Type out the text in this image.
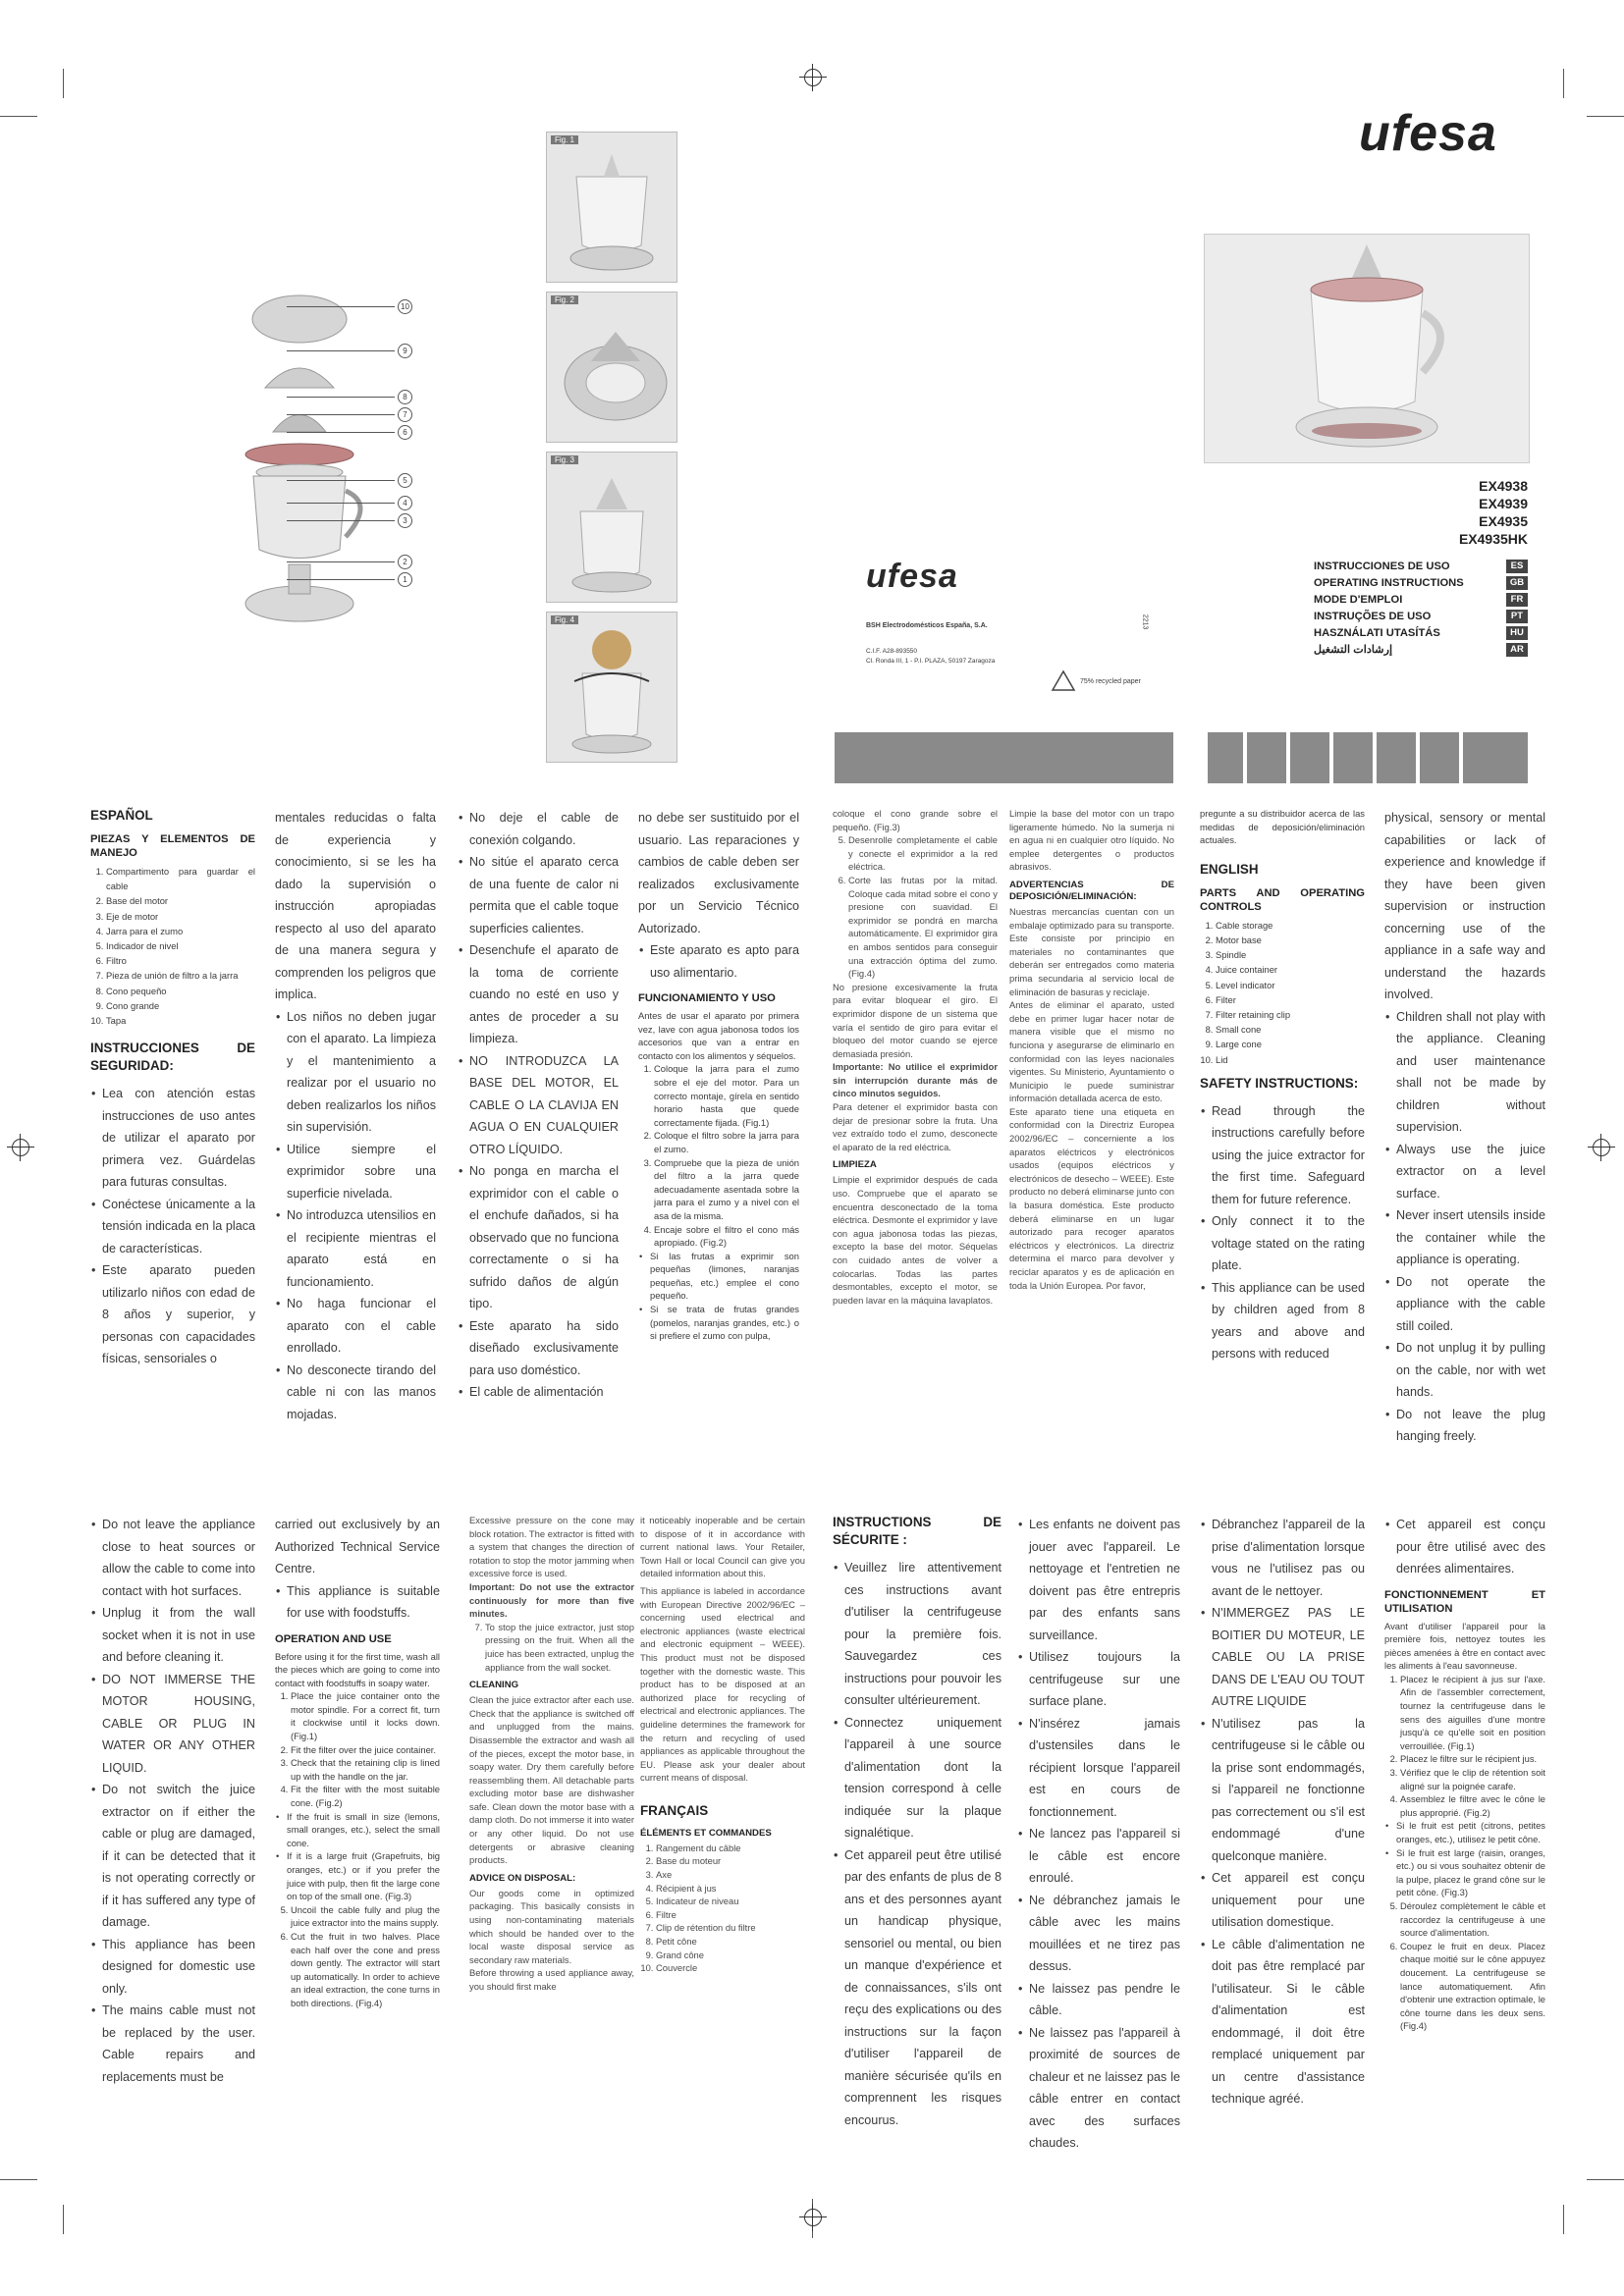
10
9
8
7
6
5
4
3
2
1
Fig. 1
Fig. 2
Fig. 3
Fig. 4
ufesa
BSH Electrodomésticos España, S.A.
C.I.F. A28-893550
Cl. Ronda III, 1 - P.I. PLAZA, 50197 Zaragoza
2213
75% recycled paper
ufesa
EX4938
EX4939
EX4935
EX4935HK
INSTRUCCIONES DE USO	ES
OPERATING INSTRUCTIONS	GB
MODE D'EMPLOI	FR
INSTRUÇÕES DE USO	PT
HASZNÁLATI UTASÍTÁS	HU
إرشادات التشغيل	AR
ESPAÑOL
PIEZAS Y ELEMENTOS DE MANEJO
1. Compartimento para guardar el cable
2. Base del motor
3. Eje de motor
4. Jarra para el zumo
5. Indicador de nivel
6. Filtro
7. Pieza de unión de filtro a la jarra
8. Cono pequeño
9. Cono grande
10. Tapa
INSTRUCCIONES DE SEGURIDAD:
• Lea con atención estas instrucciones de uso antes de utilizar el aparato por primera vez. Guárdelas para futuras consultas.
• Conéctese únicamente a la tensión indicada en la placa de características.
• Este aparato pueden utilizarlo niños con edad de 8 años y superior, y personas con capacidades físicas, sensoriales o

mentales reducidas o falta de experiencia y conocimiento, si se les ha dado la supervisión o instrucción apropiadas respecto al uso del aparato de una manera segura y comprenden los peligros que implica.

• Los niños no deben jugar con el aparato. La limpieza y el mantenimiento a realizar por el usuario no deben realizarlos los niños sin supervisión.
• Utilice siempre el exprimidor sobre una superficie nivelada.
• No introduzca utensilios en el recipiente mientras el aparato está en funcionamiento.
• No haga funcionar el aparato con el cable enrollado.
• No desconecte tirando del cable ni con las manos mojadas.
• No deje el cable de conexión colgando.
• No sitúe el aparato cerca de una fuente de calor ni permita que el cable toque superficies calientes.
• Desenchufe el aparato de la toma de corriente cuando no esté en uso y antes de proceder a su limpieza.
• NO INTRODUZCA LA BASE DEL MOTOR, EL CABLE O LA CLAVIJA EN AGUA O EN CUALQUIER OTRO LÍQUIDO.
• No ponga en marcha el exprimidor con el cable o el enchufe dañados, si ha observado que no funciona correctamente o si ha sufrido daños de algún tipo.
• Este aparato ha sido diseñado exclusivamente para uso doméstico.
• El cable de alimentación

no debe ser sustituido por el usuario. Las reparaciones y cambios de cable deben ser realizados exclusivamente por un Servicio Técnico Autorizado.

• Este aparato es apto para uso alimentario.
FUNCIONAMIENTO Y USO

Antes de usar el aparato por primera vez, lave con agua jabonosa todos los accesorios que van a entrar en contacto con los alimentos y séquelos.

1. Coloque la jarra para el zumo sobre el eje del motor. Para un correcto montaje, gírela en sentido horario hasta que quede correctamente fijada. (Fig.1)
2. Coloque el filtro sobre la jarra para el zumo.
3. Compruebe que la pieza de unión del filtro a la jarra quede adecuadamente asentada sobre la jarra para el zumo y a nivel con el asa de la misma.
4. Encaje sobre el filtro el cono más apropiado. (Fig.2)
• Si las frutas a exprimir son pequeñas (limones, naranjas pequeñas, etc.) emplee el cono pequeño.
• Si se trata de frutas grandes (pomelos, naranjas grandes, etc.) o si prefiere el zumo con pulpa,

coloque el cono grande sobre el pequeño. (Fig.3)

5. Desenrolle completamente el cable y conecte el exprimidor a la red eléctrica.
6. Corte las frutas por la mitad. Coloque cada mitad sobre el cono y presione con suavidad. El exprimidor se pondrá en marcha automáticamente. El exprimidor gira en ambos sentidos para conseguir una extracción óptima del zumo. (Fig.4)

No presione excesivamente la fruta para evitar bloquear el giro. El exprimidor dispone de un sistema que varía el sentido de giro para evitar el bloqueo del motor cuando se ejerce demasiada presión.

Importante: No utilice el exprimidor sin interrupción durante más de cinco minutos seguidos.

Para detener el exprimidor basta con dejar de presionar sobre la fruta. Una vez extraído todo el zumo, desconecte el aparato de la red eléctrica.

LIMPIEZA

Limpie el exprimidor después de cada uso. Compruebe que el aparato se encuentra desconectado de la toma eléctrica. Desmonte el exprimidor y lave con agua jabonosa todas las piezas, excepto la base del motor. Séquelas con cuidado antes de volver a colocarlas. Todas las partes desmontables, excepto el motor, se pueden lavar en la máquina lavaplatos.

Limpie la base del motor con un trapo ligeramente húmedo. No la sumerja ni en agua ni en cualquier otro líquido. No emplee detergentes o productos abrasivos.

ADVERTENCIAS DE DEPOSICIÓN/ELIMINACIÓN:

Nuestras mercancías cuentan con un embalaje optimizado para su transporte. Este consiste por principio en materiales no contaminantes que deberán ser entregados como materia prima secundaria al servicio local de eliminación de basuras y reciclaje.

Antes de eliminar el aparato, usted debe en primer lugar hacer notar de manera visible que el mismo no funciona y asegurarse de eliminarlo en conformidad con las leyes nacionales vigentes. Su Ministerio, Ayuntamiento o Municipio le puede suministrar información detallada acerca de esto.

Este aparato tiene una etiqueta en conformidad con la Directriz Europea 2002/96/EC – concerniente a los aparatos eléctricos y electrónicos usados (equipos eléctricos y electrónicos de desecho – WEEE). Este producto no deberá eliminarse junto con la basura doméstica. Este producto deberá eliminarse en un lugar autorizado para recoger aparatos eléctricos y electrónicos. La directriz determina el marco para devolver y reciclar aparatos y es de aplicación en toda la Unión Europea. Por favor,

pregunte a su distribuidor acerca de las medidas de deposición/eliminación actuales.

ENGLISH
PARTS AND OPERATING CONTROLS
1. Cable storage
2. Motor base
3. Spindle
4. Juice container
5. Level indicator
6. Filter
7. Filter retaining clip
8. Small cone
9. Large cone
10. Lid
SAFETY INSTRUCTIONS:
• Read through the instructions carefully before using the juice extractor for the first time. Safeguard them for future reference.
• Only connect it to the voltage stated on the rating plate.
• This appliance can be used by children aged from 8 years and above and persons with reduced

physical, sensory or mental capabilities or lack of experience and knowledge if they have been given supervision or instruction concerning use of the appliance in a safe way and understand the hazards involved.

• Children shall not play with the appliance. Cleaning and user maintenance shall not be made by children without supervision.
• Always use the juice extractor on a level surface.
• Never insert utensils inside the container while the appliance is operating.
• Do not operate the appliance with the cable still coiled.
• Do not unplug it by pulling on the cable, nor with wet hands.
• Do not leave the plug hanging freely.
• Do not leave the appliance close to heat sources or allow the cable to come into contact with hot surfaces.
• Unplug it from the wall socket when it is not in use and before cleaning it.
• DO NOT IMMERSE THE MOTOR HOUSING, CABLE OR PLUG IN WATER OR ANY OTHER LIQUID.
• Do not switch the juice extractor on if either the cable or plug are damaged, if it can be detected that it is not operating correctly or if it has suffered any type of damage.
• This appliance has been designed for domestic use only.
• The mains cable must not be replaced by the user. Cable repairs and replacements must be

carried out exclusively by an Authorized Technical Service Centre.

• This appliance is suitable for use with foodstuffs.
OPERATION AND USE

Before using it for the first time, wash all the pieces which are going to come into contact with foodstuffs in soapy water.

1. Place the juice container onto the motor spindle. For a correct fit, turn it clockwise until it locks down. (Fig.1)
2. Fit the filter over the juice container.
3. Check that the retaining clip is lined up with the handle on the jar.
4. Fit the filter with the most suitable cone. (Fig.2)
• If the fruit is small in size (lemons, small oranges, etc.), select the small cone.
• If it is a large fruit (Grapefruits, big oranges, etc.) or if you prefer the juice with pulp, then fit the large cone on top of the small one. (Fig.3)
5. Uncoil the cable fully and plug the juice extractor into the mains supply.
6. Cut the fruit in two halves. Place each half over the cone and press down gently. The extractor will start up automatically. In order to achieve an ideal extraction, the cone turns in both directions. (Fig.4)

Excessive pressure on the cone may block rotation. The extractor is fitted with a system that changes the direction of rotation to stop the motor jamming when excessive force is used.

Important: Do not use the extractor continuously for more than five minutes.

7. To stop the juice extractor, just stop pressing on the fruit. When all the juice has been extracted, unplug the appliance from the wall socket.
CLEANING

Clean the juice extractor after each use. Check that the appliance is switched off and unplugged from the mains. Disassemble the extractor and wash all of the pieces, except the motor base, in soapy water. Dry them carefully before reassembling them. All detachable parts excluding motor base are dishwasher safe. Clean down the motor base with a damp cloth. Do not immerse it into water or any other liquid. Do not use detergents or abrasive cleaning products.

ADVICE ON DISPOSAL:

Our goods come in optimized packaging. This basically consists in using non-contaminating materials which should be handed over to the local waste disposal service as secondary raw materials.

Before throwing a used appliance away, you should first make

it noticeably inoperable and be certain to dispose of it in accordance with current national laws. Your Retailer, Town Hall or local Council can give you detailed information about this.

This appliance is labeled in accordance with European Directive 2002/96/EC – concerning used electrical and electronic appliances (waste electrical and electronic equipment – WEEE). This product must not be disposed together with the domestic waste. This product has to be disposed at an authorized place for recycling of electrical and electronic appliances. The guideline determines the framework for the return and recycling of used appliances as applicable throughout the EU. Please ask your dealer about current means of disposal.

FRANÇAIS
ÉLÉMENTS ET COMMANDES
1. Rangement du câble
2. Base du moteur
3. Axe
4. Récipient à jus
5. Indicateur de niveau
6. Filtre
7. Clip de rétention du filtre
8. Petit cône
9. Grand cône
10. Couvercle
INSTRUCTIONS DE SÉCURITE :
• Veuillez lire attentivement ces instructions avant d'utiliser la centrifugeuse pour la première fois. Sauvegardez ces instructions pour pouvoir les consulter ultérieurement.
• Connectez uniquement l'appareil à une source d'alimentation dont la tension correspond à celle indiquée sur la plaque signalétique.
• Cet appareil peut être utilisé par des enfants de plus de 8 ans et des personnes ayant un handicap physique, sensoriel ou mental, ou bien un manque d'expérience et de connaissances, s'ils ont reçu des explications ou des instructions sur la façon d'utiliser l'appareil de manière sécurisée qu'ils en comprennent les risques encourus.
• Les enfants ne doivent pas jouer avec l'appareil. Le nettoyage et l'entretien ne doivent pas être entrepris par des enfants sans surveillance.
• Utilisez toujours la centrifugeuse sur une surface plane.
• N'insérez jamais d'ustensiles dans le récipient lorsque l'appareil est en cours de fonctionnement.
• Ne lancez pas l'appareil si le câble est encore enroulé.
• Ne débranchez jamais le câble avec les mains mouillées et ne tirez pas dessus.
• Ne laissez pas pendre le câble.
• Ne laissez pas l'appareil à proximité de sources de chaleur et ne laissez pas le câble entrer en contact avec des surfaces chaudes.
• Débranchez l'appareil de la prise d'alimentation lorsque vous ne l'utilisez pas ou avant de le nettoyer.
• N'IMMERGEZ PAS LE BOITIER DU MOTEUR, LE CABLE OU LA PRISE DANS DE L'EAU OU TOUT AUTRE LIQUIDE
• N'utilisez pas la centrifugeuse si le câble ou la prise sont endommagés, si l'appareil ne fonctionne pas correctement ou s'il est endommagé d'une quelconque manière.
• Cet appareil est conçu uniquement pour une utilisation domestique.
• Le câble d'alimentation ne doit pas être remplacé par l'utilisateur. Si le câble d'alimentation est endommagé, il doit être remplacé uniquement par un centre d'assistance technique agréé.
• Cet appareil est conçu pour être utilisé avec des denrées alimentaires.
FONCTIONNEMENT ET UTILISATION

Avant d'utiliser l'appareil pour la première fois, nettoyez toutes les pièces amenées à être en contact avec les aliments à l'eau savonneuse.

1. Placez le récipient à jus sur l'axe. Afin de l'assembler correctement, tournez la centrifugeuse dans le sens des aiguilles d'une montre jusqu'à ce qu'elle soit en position verrouillée. (Fig.1)
2. Placez le filtre sur le récipient jus.
3. Vérifiez que le clip de rétention soit aligné sur la poignée carafe.
4. Assemblez le filtre avec le cône le plus approprié. (Fig.2)
• Si le fruit est petit (citrons, petites oranges, etc.), utilisez le petit cône.
• Si le fruit est large (raisin, oranges, etc.) ou si vous souhaitez obtenir de la pulpe, placez le grand cône sur le petit cône. (Fig.3)
5. Déroulez complètement le câble et raccordez la centrifugeuse à une source d'alimentation.
6. Coupez le fruit en deux. Placez chaque moitié sur le cône appuyez doucement. La centrifugeuse se lance automatiquement. Afin d'obtenir une extraction optimale, le cône tourne dans les deux sens. (Fig.4)
